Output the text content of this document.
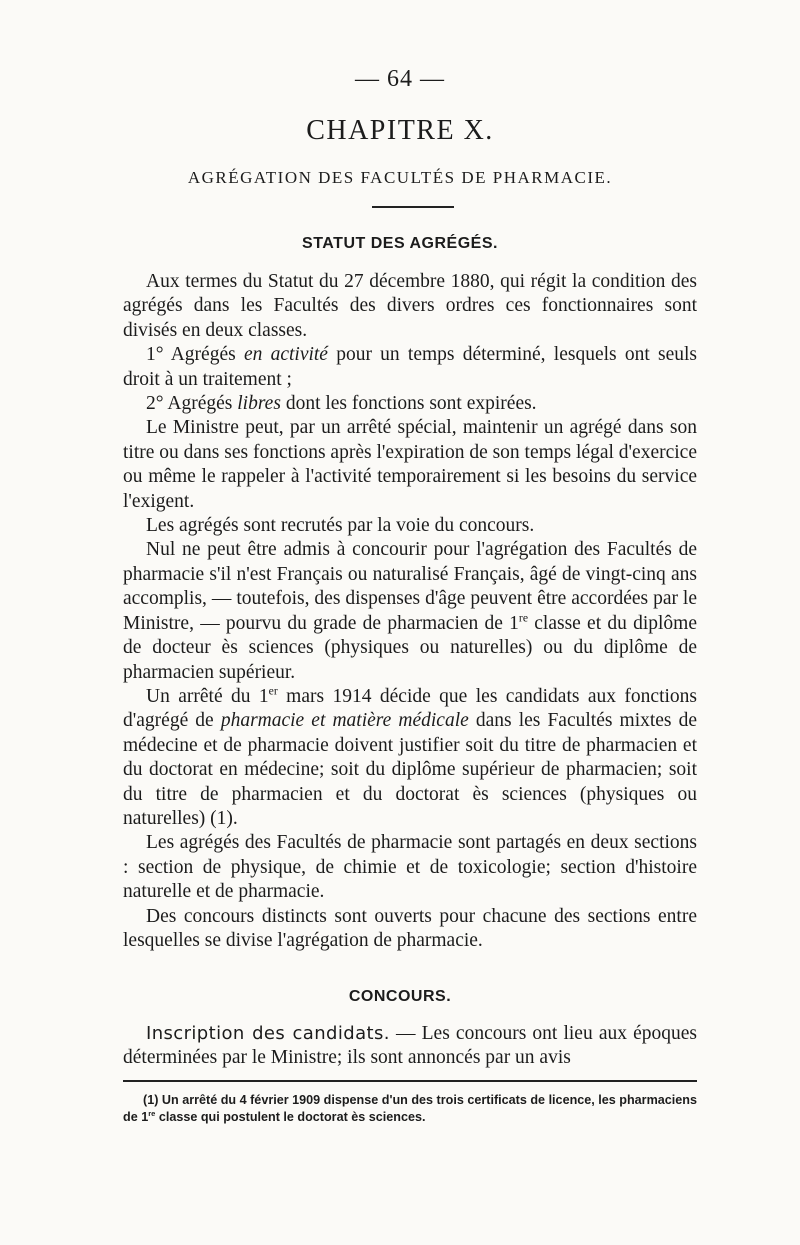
— 64 —
CHAPITRE X.
AGRÉGATION DES FACULTÉS DE PHARMACIE.
STATUT DES AGRÉGÉS.

Aux termes du Statut du 27 décembre 1880, qui régit la condition des agrégés dans les Facultés des divers ordres ces fonctionnaires sont divisés en deux classes.

1° Agrégés en activité pour un temps déterminé, lesquels ont seuls droit à un traitement ;

2° Agrégés libres dont les fonctions sont expirées.

Le Ministre peut, par un arrêté spécial, maintenir un agrégé dans son titre ou dans ses fonctions après l'expiration de son temps légal d'exercice ou même le rappeler à l'activité temporairement si les besoins du service l'exigent.

Les agrégés sont recrutés par la voie du concours.

Nul ne peut être admis à concourir pour l'agrégation des Facultés de pharmacie s'il n'est Français ou naturalisé Français, âgé de vingt-cinq ans accomplis, — toutefois, des dispenses d'âge peuvent être accordées par le Ministre, — pourvu du grade de pharmacien de 1re classe et du diplôme de docteur ès sciences (physiques ou naturelles) ou du diplôme de pharmacien supérieur.

Un arrêté du 1er mars 1914 décide que les candidats aux fonctions d'agrégé de pharmacie et matière médicale dans les Facultés mixtes de médecine et de pharmacie doivent justifier soit du titre de pharmacien et du doctorat en médecine; soit du diplôme supérieur de pharmacien; soit du titre de pharmacien et du doctorat ès sciences (physiques ou naturelles) (1).

Les agrégés des Facultés de pharmacie sont partagés en deux sections : section de physique, de chimie et de toxicologie; section d'histoire naturelle et de pharmacie.

Des concours distincts sont ouverts pour chacune des sections entre lesquelles se divise l'agrégation de pharmacie.

CONCOURS.

Inscription des candidats. — Les concours ont lieu aux époques déterminées par le Ministre; ils sont annoncés par un avis

(1) Un arrêté du 4 février 1909 dispense d'un des trois certificats de licence, les pharmaciens de 1re classe qui postulent le doctorat ès sciences.
